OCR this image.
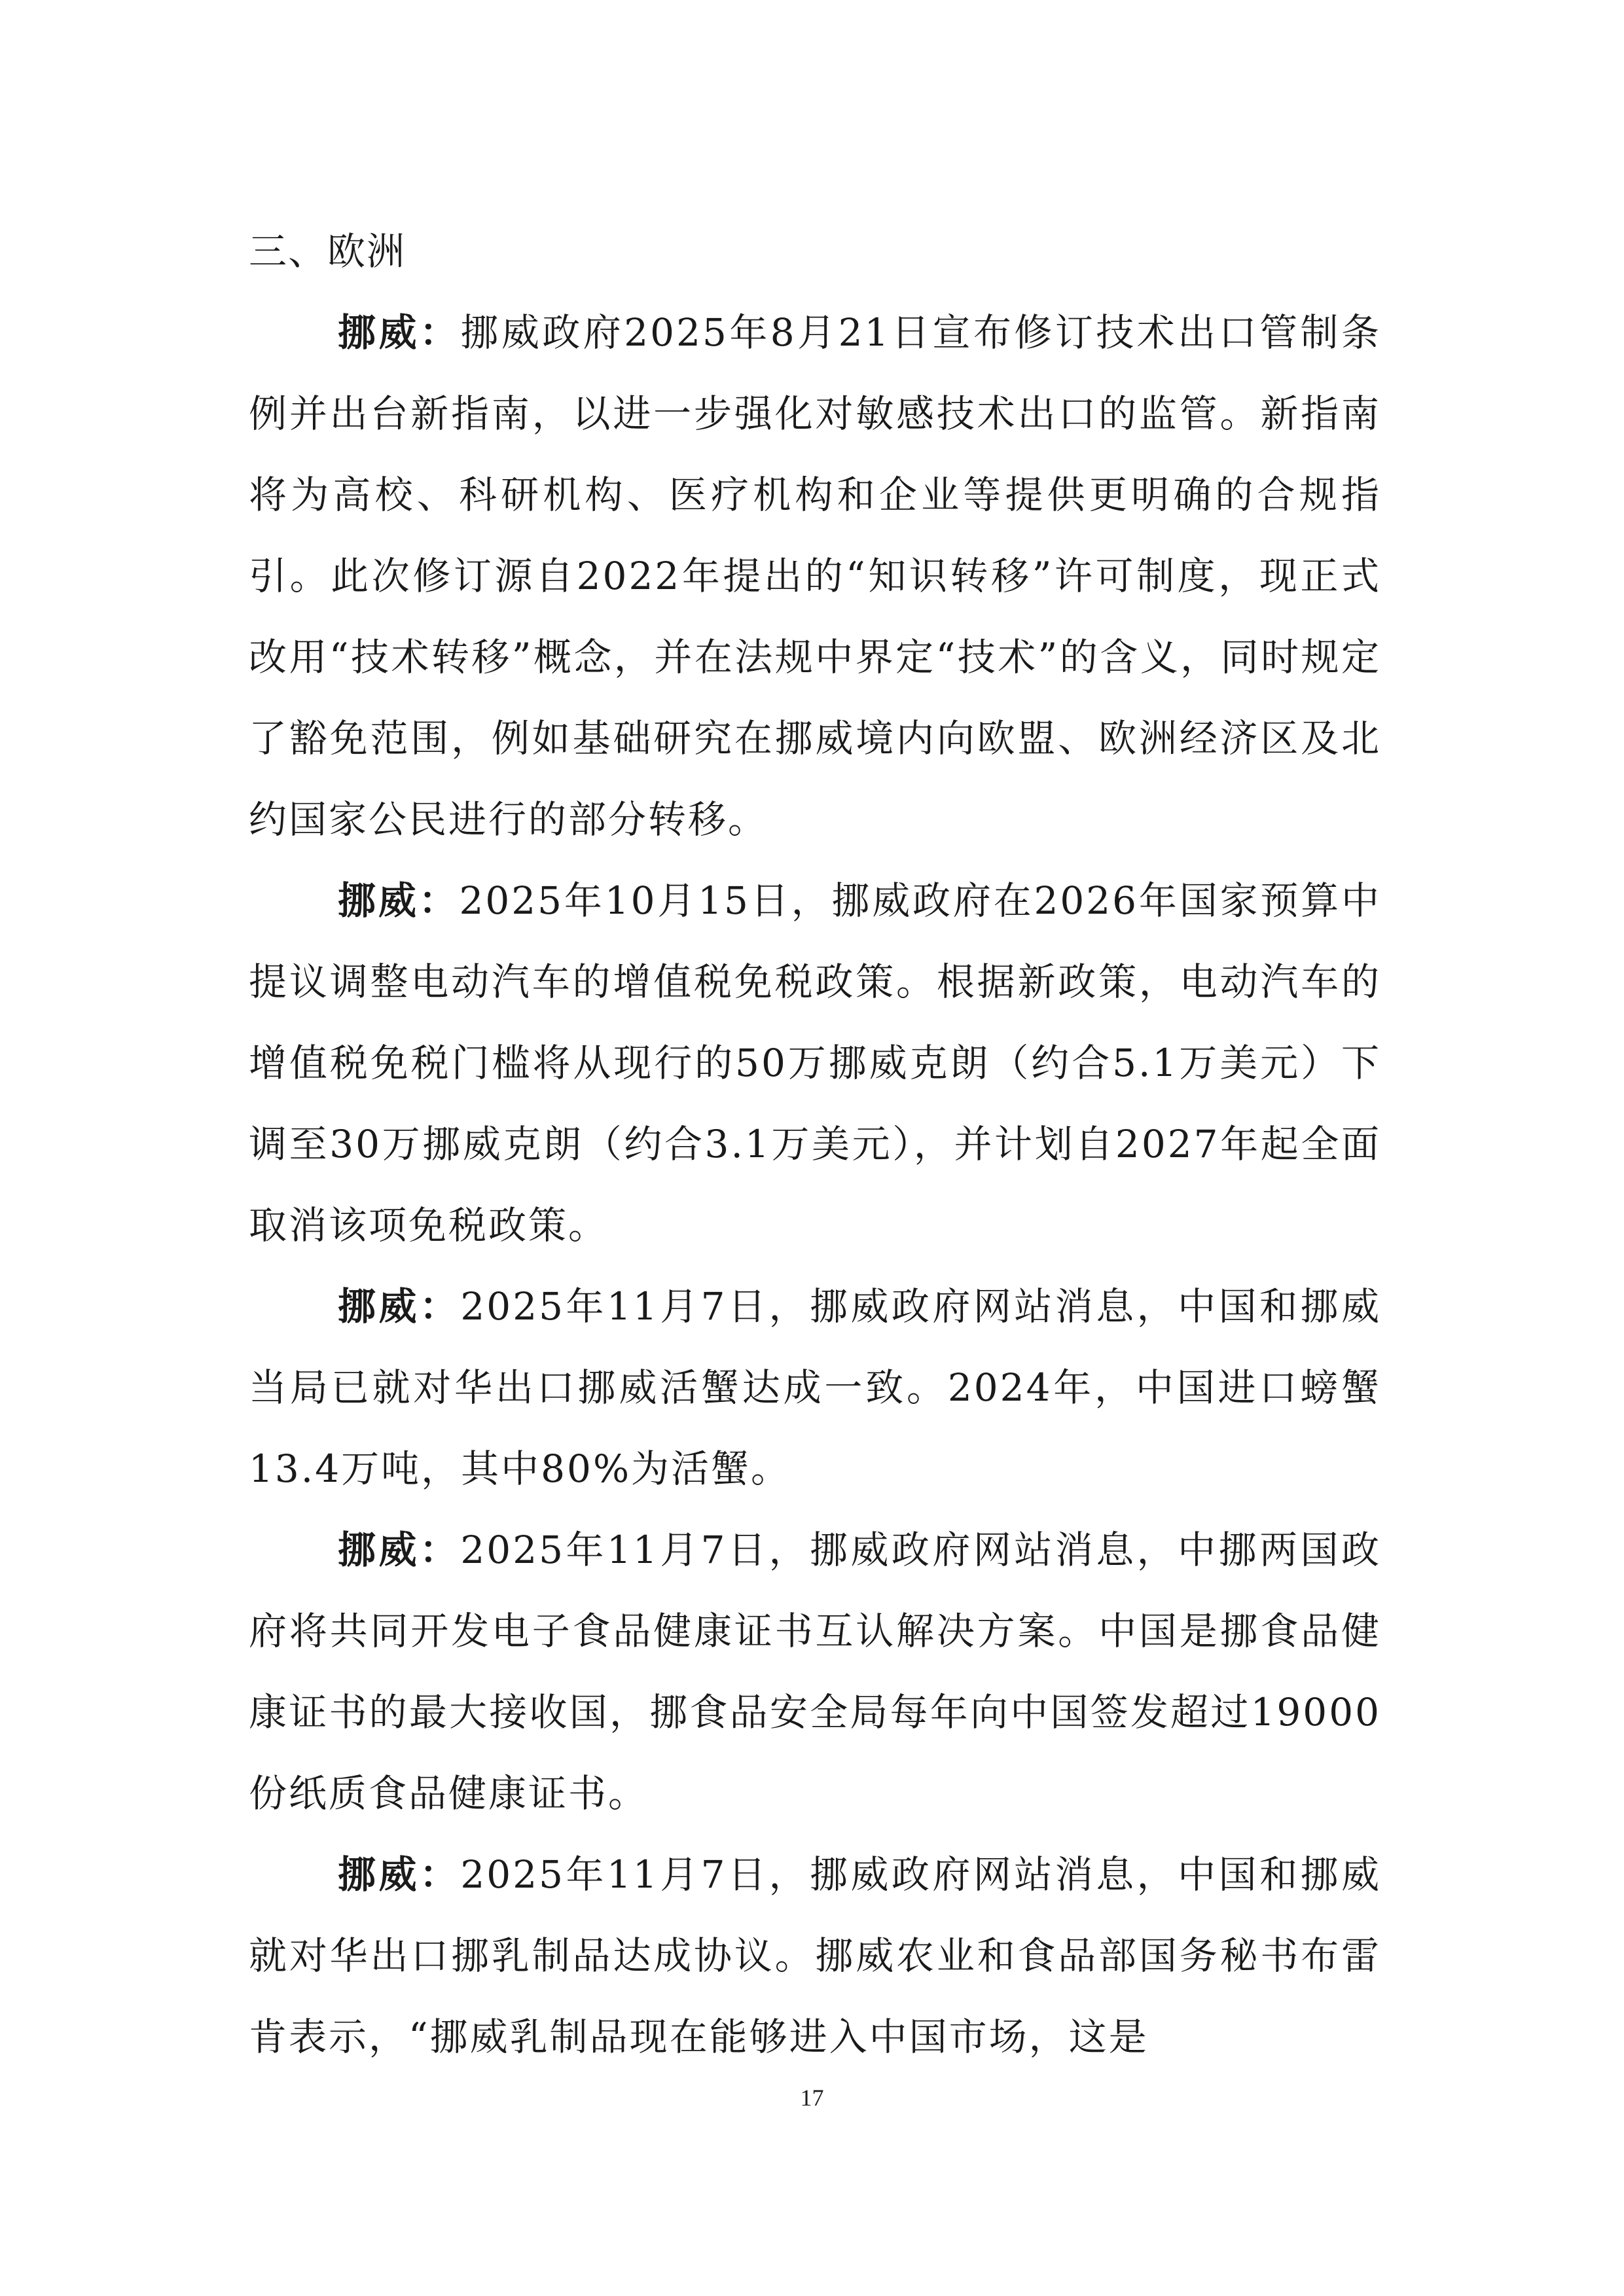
三、欧洲

挪威：挪威政府2025年8月21日宣布修订技术出口管制条例并出台新指南，以进一步强化对敏感技术出口的监管。新指南将为高校、科研机构、医疗机构和企业等提供更明确的合规指引。此次修订源自2022年提出的“知识转移”许可制度，现正式改用“技术转移”概念，并在法规中界定“技术”的含义，同时规定了豁免范围，例如基础研究在挪威境内向欧盟、欧洲经济区及北约国家公民进行的部分转移。

挪威：2025年10月15日，挪威政府在2026年国家预算中提议调整电动汽车的增值税免税政策。根据新政策，电动汽车的增值税免税门槛将从现行的50万挪威克朗（约合5.1万美元）下调至30万挪威克朗（约合3.1万美元），并计划自2027年起全面取消该项免税政策。

挪威：2025年11月7日，挪威政府网站消息，中国和挪威当局已就对华出口挪威活蟹达成一致。2024年，中国进口螃蟹13.4万吨，其中80%为活蟹。

挪威：2025年11月7日，挪威政府网站消息，中挪两国政府将共同开发电子食品健康证书互认解决方案。中国是挪食品健康证书的最大接收国，挪食品安全局每年向中国签发超过19000份纸质食品健康证书。

挪威：2025年11月7日，挪威政府网站消息，中国和挪威就对华出口挪乳制品达成协议。挪威农业和食品部国务秘书布雷肯表示，“挪威乳制品现在能够进入中国市场，这是

17
